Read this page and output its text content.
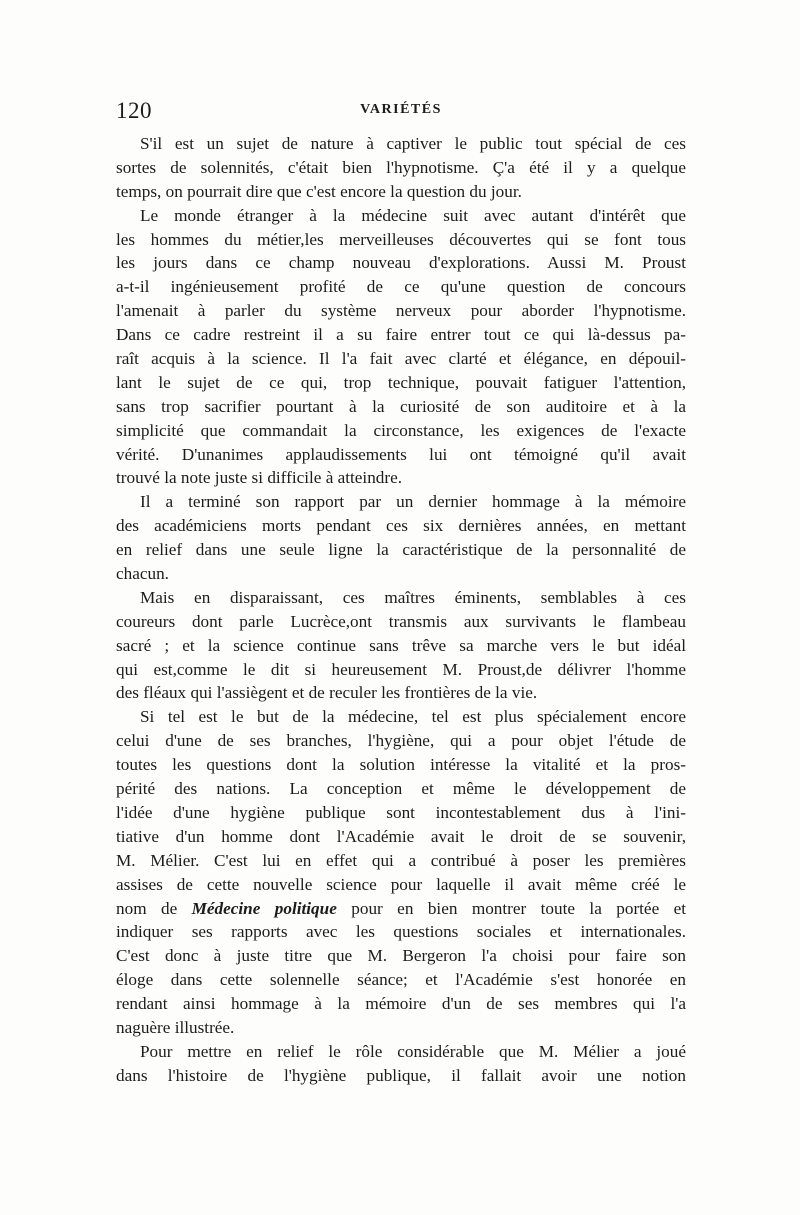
120	VARIÉTÉS
S'il est un sujet de nature à captiver le public tout spécial de ces
sortes de solennités, c'était bien l'hypnotisme. Ç'a été il y a quelque
temps, on pourrait dire que c'est encore la question du jour.
Le monde étranger à la médecine suit avec autant d'intérêt que
les hommes du métier,les merveilleuses découvertes qui se font tous
les jours dans ce champ nouveau d'explorations. Aussi M. Proust
a-t-il ingénieusement profité de ce qu'une question de concours
l'amenait à parler du système nerveux pour aborder l'hypnotisme.
Dans ce cadre restreint il a su faire entrer tout ce qui là-dessus pa-
raît acquis à la science. Il l'a fait avec clarté et élégance, en dépouil-
lant le sujet de ce qui, trop technique, pouvait fatiguer l'attention,
sans trop sacrifier pourtant à la curiosité de son auditoire et à la
simplicité que commandait la circonstance, les exigences de l'exacte
vérité. D'unanimes applaudissements lui ont témoigné qu'il avait
trouvé la note juste si difficile à atteindre.
Il a terminé son rapport par un dernier hommage à la mémoire
des académiciens morts pendant ces six dernières années, en mettant
en relief dans une seule ligne la caractéristique de la personnalité de
chacun.
Mais en disparaissant, ces maîtres éminents, semblables à ces
coureurs dont parle Lucrèce,ont transmis aux survivants le flambeau
sacré ; et la science continue sans trêve sa marche vers le but idéal
qui est,comme le dit si heureusement M. Proust,de délivrer l'homme
des fléaux qui l'assiègent et de reculer les frontières de la vie.
Si tel est le but de la médecine, tel est plus spécialement encore
celui d'une de ses branches, l'hygiène, qui a pour objet l'étude de
toutes les questions dont la solution intéresse la vitalité et la pros-
périté des nations. La conception et même le développement de
l'idée d'une hygiène publique sont incontestablement dus à l'ini-
tiative d'un homme dont l'Académie avait le droit de se souvenir,
M. Mélier. C'est lui en effet qui a contribué à poser les premières
assises de cette nouvelle science pour laquelle il avait même créé le
nom de Médecine politique pour en bien montrer toute la portée et
indiquer ses rapports avec les questions sociales et internationales.
C'est donc à juste titre que M. Bergeron l'a choisi pour faire son
éloge dans cette solennelle séance; et l'Académie s'est honorée en
rendant ainsi hommage à la mémoire d'un de ses membres qui l'a
naguère illustrée.
Pour mettre en relief le rôle considérable que M. Mélier a joué
dans l'histoire de l'hygiène publique, il fallait avoir une notion
